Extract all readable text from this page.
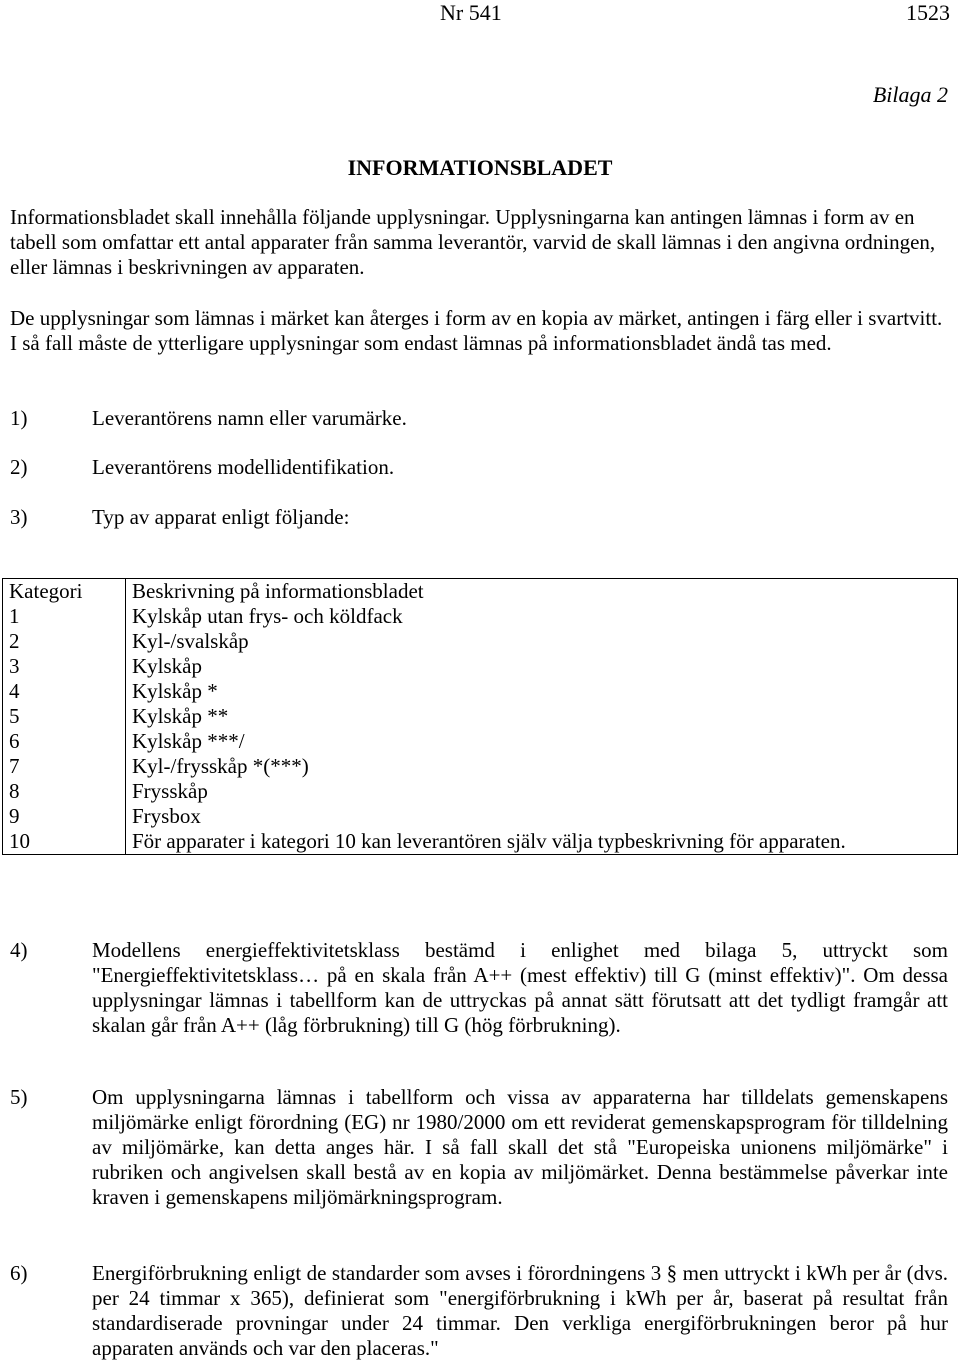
Nr 541	1523
Bilaga 2
INFORMATIONSBLADET

Informationsbladet skall innehålla följande upplysningar. Upplysningarna kan antingen lämnas i form av en tabell som omfattar ett antal apparater från samma leverantör, varvid de skall lämnas i den angivna ordningen, eller lämnas i beskrivningen av apparaten.

De upplysningar som lämnas i märket kan återges i form av en kopia av märket, antingen i färg eller i svartvitt. I så fall måste de ytterligare upplysningar som endast lämnas på informationsbladet ändå tas med.

1)	Leverantörens namn eller varumärke.
2)	Leverantörens modellidentifikation.
3)	Typ av apparat enligt följande:
Kategori	Beskrivning på informationsbladet
1	Kylskåp utan frys- och köldfack
2	Kyl-/svalskåp
3	Kylskåp
4	Kylskåp *
5	Kylskåp **
6	Kylskåp ***/
7	Kyl-/frysskåp *(***)
8	Frysskåp
9	Frysbox
10	För apparater i kategori 10 kan leverantören själv välja typbeskrivning för apparaten.
4)	Modellens energieffektivitetsklass bestämd i enlighet med bilaga 5, uttryckt som "Energieffektivitetsklass… på en skala från A++ (mest effektiv) till G (minst effektiv)". Om dessa upplysningar lämnas i tabellform kan de uttryckas på annat sätt förutsatt att det tydligt framgår att skalan går från A++ (låg förbrukning) till G (hög förbrukning).
5)	Om upplysningarna lämnas i tabellform och vissa av apparaterna har tilldelats gemenskapens miljömärke enligt förordning (EG) nr 1980/2000 om ett reviderat gemenskapsprogram för tilldelning av miljömärke, kan detta anges här. I så fall skall det stå "Europeiska unionens miljömärke" i rubriken och angivelsen skall bestå av en kopia av miljömärket. Denna bestämmelse påverkar inte kraven i gemenskapens miljömärkningsprogram.
6)	Energiförbrukning enligt de standarder som avses i förordningens 3 § men uttryckt i kWh per år (dvs. per 24 timmar x 365), definierat som "energiförbrukning i kWh per år, baserat på resultat från standardiserade provningar under 24 timmar. Den verkliga energiförbrukningen beror på hur apparaten används och var den placeras."
